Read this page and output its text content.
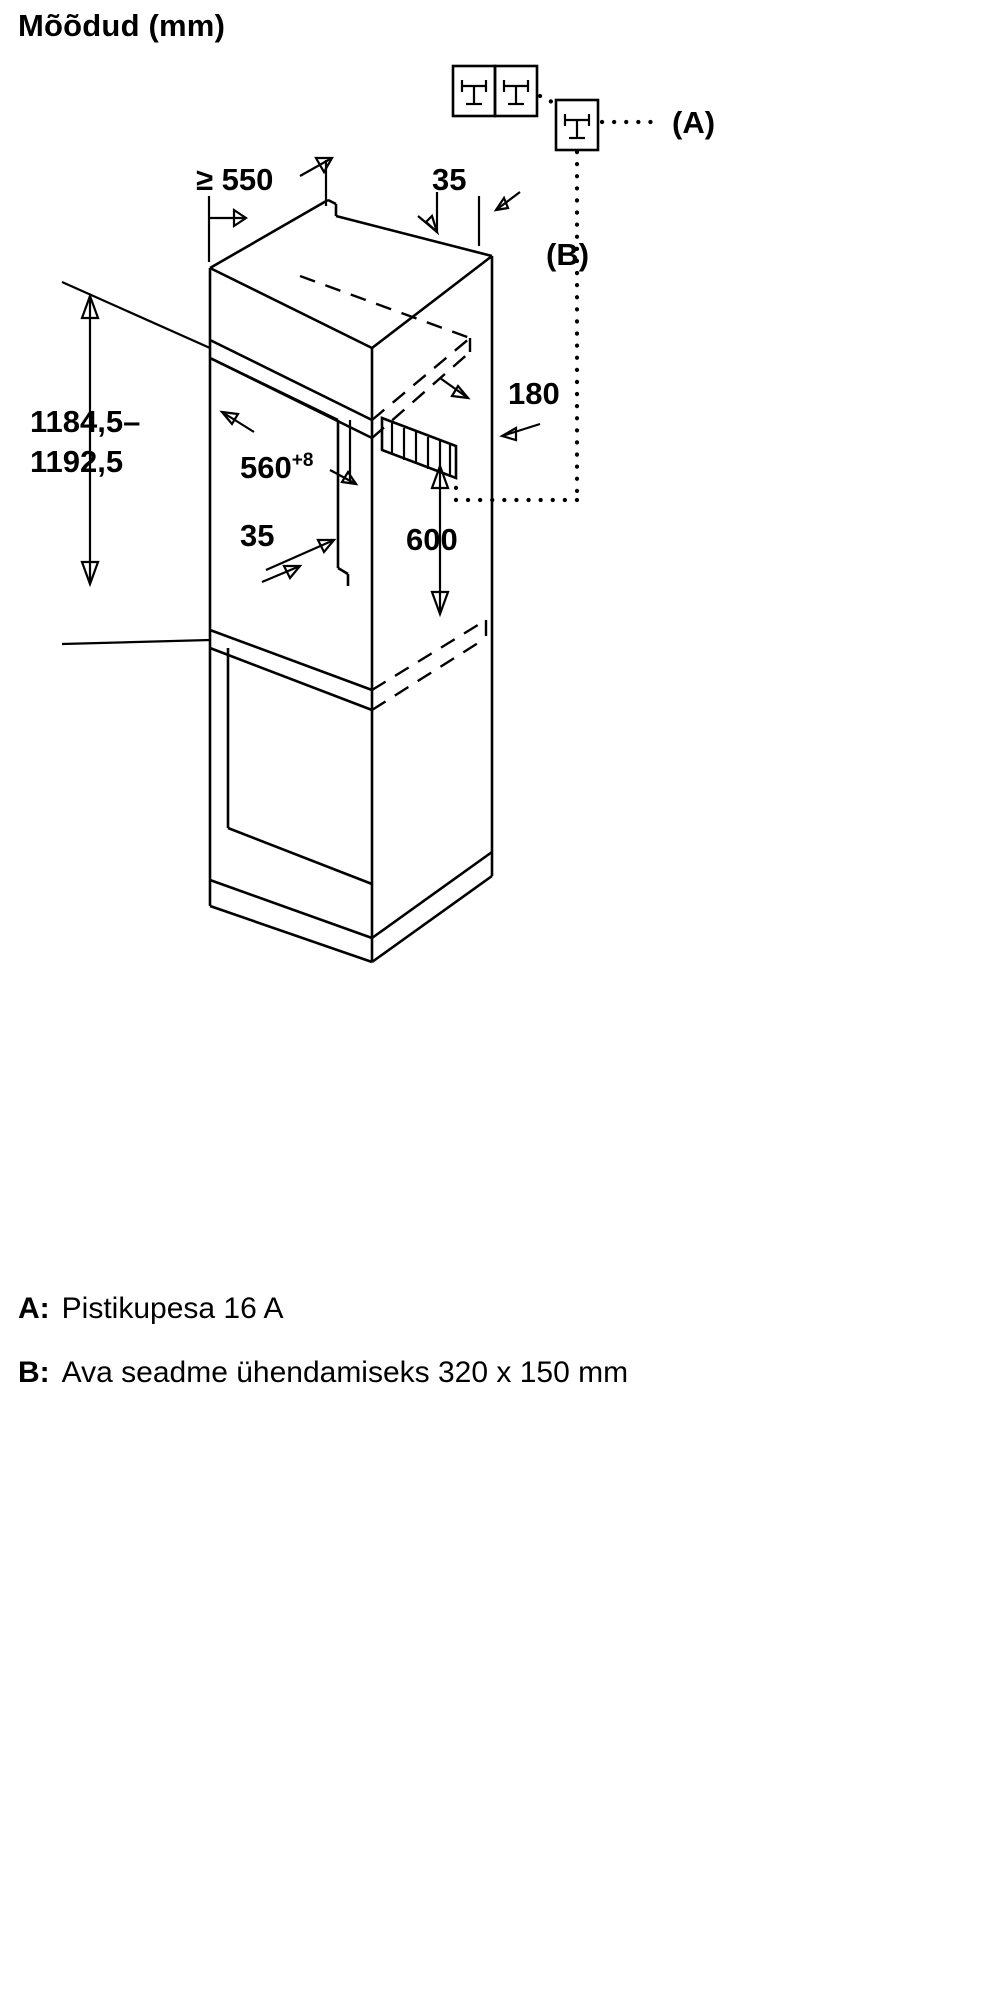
Mõõdud (mm)
(A)
(B)
≥ 550	35
1184,5–
1192,5	$560^{+8}$
35
180
600
A: Pistikupesa 16 A
B: Ava seadme ühendamiseks 320 x 150 mm
